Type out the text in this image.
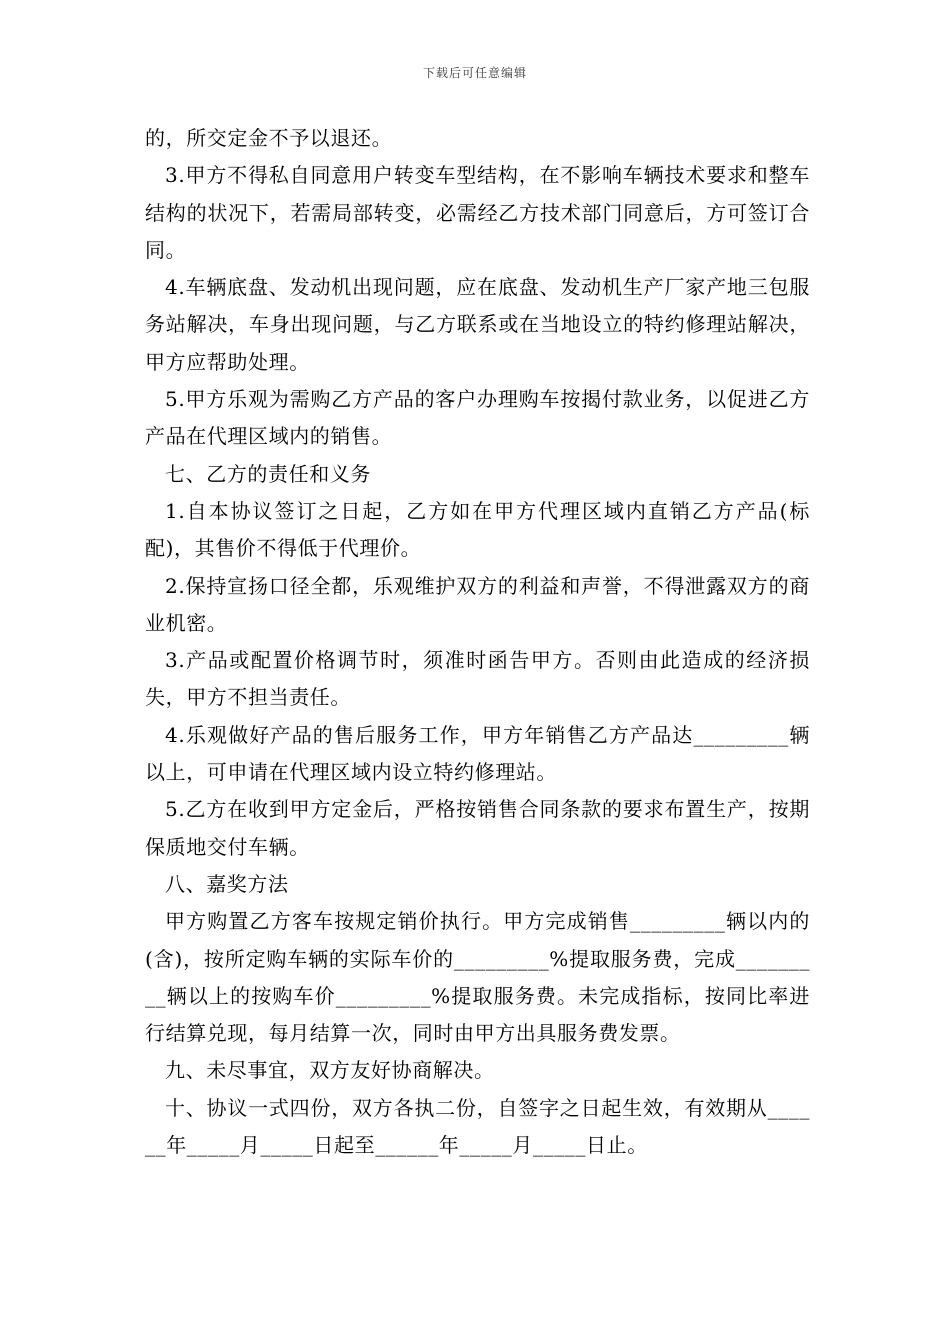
下载后可任意编辑

的，所交定金不予以退还。

3.甲方不得私自同意用户转变车型结构，在不影响车辆技术要求和整车结构的状况下，若需局部转变，必需经乙方技术部门同意后，方可签订合同。

4.车辆底盘、发动机出现问题，应在底盘、发动机生产厂家产地三包服务站解决，车身出现问题，与乙方联系或在当地设立的特约修理站解决，甲方应帮助处理。

5.甲方乐观为需购乙方产品的客户办理购车按揭付款业务，以促进乙方产品在代理区域内的销售。

七、乙方的责任和义务

1.自本协议签订之日起，乙方如在甲方代理区域内直销乙方产品(标配)，其售价不得低于代理价。

2.保持宣扬口径全都，乐观维护双方的利益和声誉，不得泄露双方的商业机密。

3.产品或配置价格调节时，须准时函告甲方。否则由此造成的经济损失，甲方不担当责任。

4.乐观做好产品的售后服务工作，甲方年销售乙方产品达_________辆以上，可申请在代理区域内设立特约修理站。

5.乙方在收到甲方定金后，严格按销售合同条款的要求布置生产，按期保质地交付车辆。

八、嘉奖方法

甲方购置乙方客车按规定销价执行。甲方完成销售_________辆以内的(含)，按所定购车辆的实际车价的_________%提取服务费，完成_________辆以上的按购车价_________%提取服务费。未完成指标，按同比率进行结算兑现，每月结算一次，同时由甲方出具服务费发票。

九、未尽事宜，双方友好协商解决。

十、协议一式四份，双方各执二份，自签字之日起生效，有效期从______年_____月_____日起至______年_____月_____日止。
